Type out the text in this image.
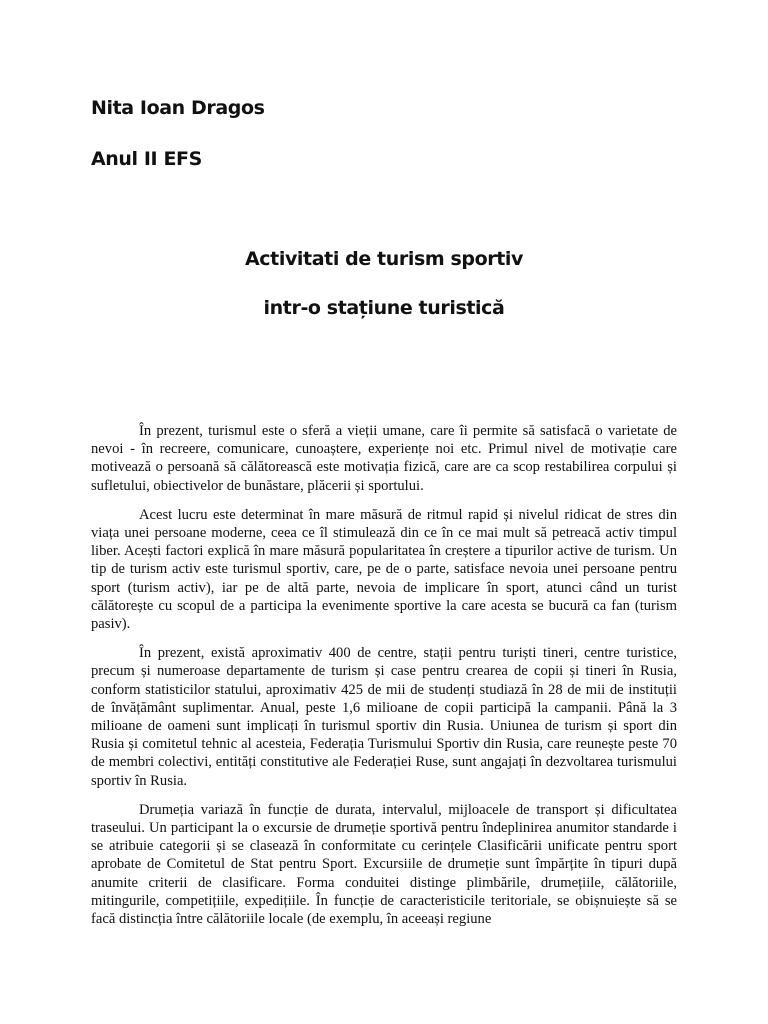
Nita Ioan Dragos
Anul II EFS
Activitati de turism sportiv
intr-o stațiune turistică

În prezent, turismul este o sferă a vieții umane, care îi permite să satisfacă o varietate de nevoi - în recreere, comunicare, cunoaștere, experiențe noi etc. Primul nivel de motivație care motivează o persoană să călătorească este motivația fizică, care are ca scop restabilirea corpului și sufletului, obiectivelor de bunăstare, plăcerii și sportului.

Acest lucru este determinat în mare măsură de ritmul rapid și nivelul ridicat de stres din viața unei persoane moderne, ceea ce îl stimulează din ce în ce mai mult să petreacă activ timpul liber. Acești factori explică în mare măsură popularitatea în creștere a tipurilor active de turism. Un tip de turism activ este turismul sportiv, care, pe de o parte, satisface nevoia unei persoane pentru sport (turism activ), iar pe de altă parte, nevoia de implicare în sport, atunci când un turist călătorește cu scopul de a participa la evenimente sportive la care acesta se bucură ca fan (turism pasiv).

În prezent, există aproximativ 400 de centre, stații pentru turiști tineri, centre turistice, precum și numeroase departamente de turism și case pentru crearea de copii și tineri în Rusia, conform statisticilor statului, aproximativ 425 de mii de studenți studiază în 28 de mii de instituții de învățământ suplimentar. Anual, peste 1,6 milioane de copii participă la campanii. Până la 3 milioane de oameni sunt implicați în turismul sportiv din Rusia. Uniunea de turism și sport din Rusia și comitetul tehnic al acesteia, Federația Turismului Sportiv din Rusia, care reunește peste 70 de membri colectivi, entități constitutive ale Federației Ruse, sunt angajați în dezvoltarea turismului sportiv în Rusia.

Drumeția variază în funcție de durata, intervalul, mijloacele de transport și dificultatea traseului. Un participant la o excursie de drumeție sportivă pentru îndeplinirea anumitor standarde i se atribuie categorii și se clasează în conformitate cu cerințele Clasificării unificate pentru sport aprobate de Comitetul de Stat pentru Sport. Excursiile de drumeție sunt împărțite în tipuri după anumite criterii de clasificare. Forma conduitei distinge plimbările, drumețiile, călătoriile, mitingurile, competițiile, expedițiile. În funcție de caracteristicile teritoriale, se obișnuiește să se facă distincția între călătoriile locale (de exemplu, în aceeași regiune
